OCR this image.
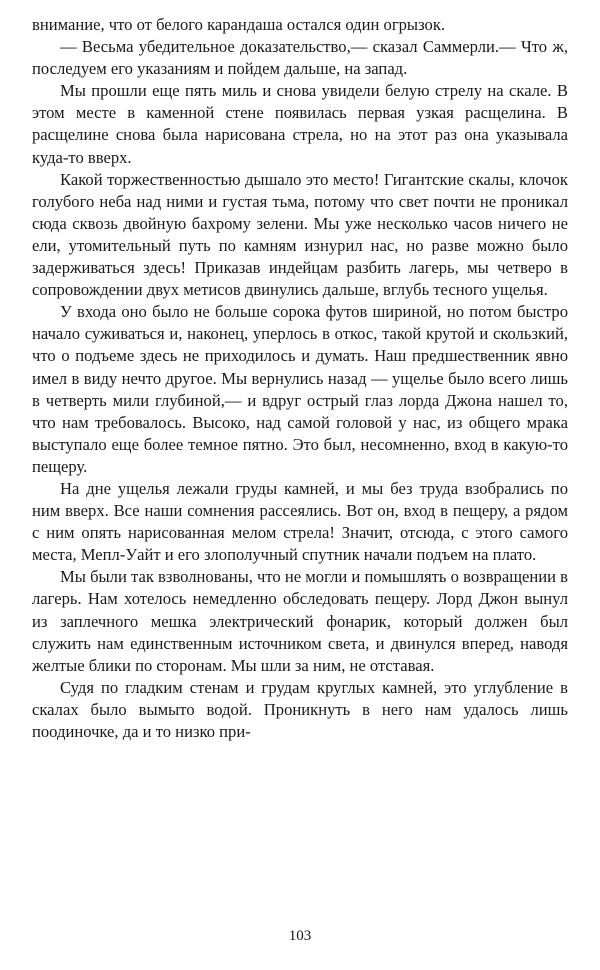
внимание, что от белого карандаша остался один огрызок.

— Весьма убедительное доказательство,— сказал Саммерли.— Что ж, последуем его указаниям и пойдем дальше, на запад.

Мы прошли еще пять миль и снова увидели белую стрелу на скале. В этом месте в каменной стене появилась первая узкая расщелина. В расщелине снова была нарисована стрела, но на этот раз она указывала куда-то вверх.

Какой торжественностью дышало это место! Гигантские скалы, клочок голубого неба над ними и густая тьма, потому что свет почти не проникал сюда сквозь двойную бахрому зелени. Мы уже несколько часов ничего не ели, утомительный путь по камням изнурил нас, но разве можно было задерживаться здесь! Приказав индейцам разбить лагерь, мы четверо в сопровождении двух метисов двинулись дальше, вглубь тесного ущелья.

У входа оно было не больше сорока футов шириной, но потом быстро начало суживаться и, наконец, уперлось в откос, такой крутой и скользкий, что о подъеме здесь не приходилось и думать. Наш предшественник явно имел в виду нечто другое. Мы вернулись назад — ущелье было всего лишь в четверть мили глубиной,— и вдруг острый глаз лорда Джона нашел то, что нам требовалось. Высоко, над самой головой у нас, из общего мрака выступало еще более темное пятно. Это был, несомненно, вход в какую-то пещеру.

На дне ущелья лежали груды камней, и мы без труда взобрались по ним вверх. Все наши сомнения рассеялись. Вот он, вход в пещеру, а рядом с ним опять нарисованная мелом стрела! Значит, отсюда, с этого самого места, Мепл-Уайт и его злополучный спутник начали подъем на плато.

Мы были так взволнованы, что не могли и помышлять о возвращении в лагерь. Нам хотелось немедленно обследовать пещеру. Лорд Джон вынул из заплечного мешка электрический фонарик, который должен был служить нам единственным источником света, и двинулся вперед, наводя желтые блики по сторонам. Мы шли за ним, не отставая.

Судя по гладким стенам и грудам круглых камней, это углубление в скалах было вымыто водой. Проникнуть в него нам удалось лишь поодиночке, да и то низко при-

103
